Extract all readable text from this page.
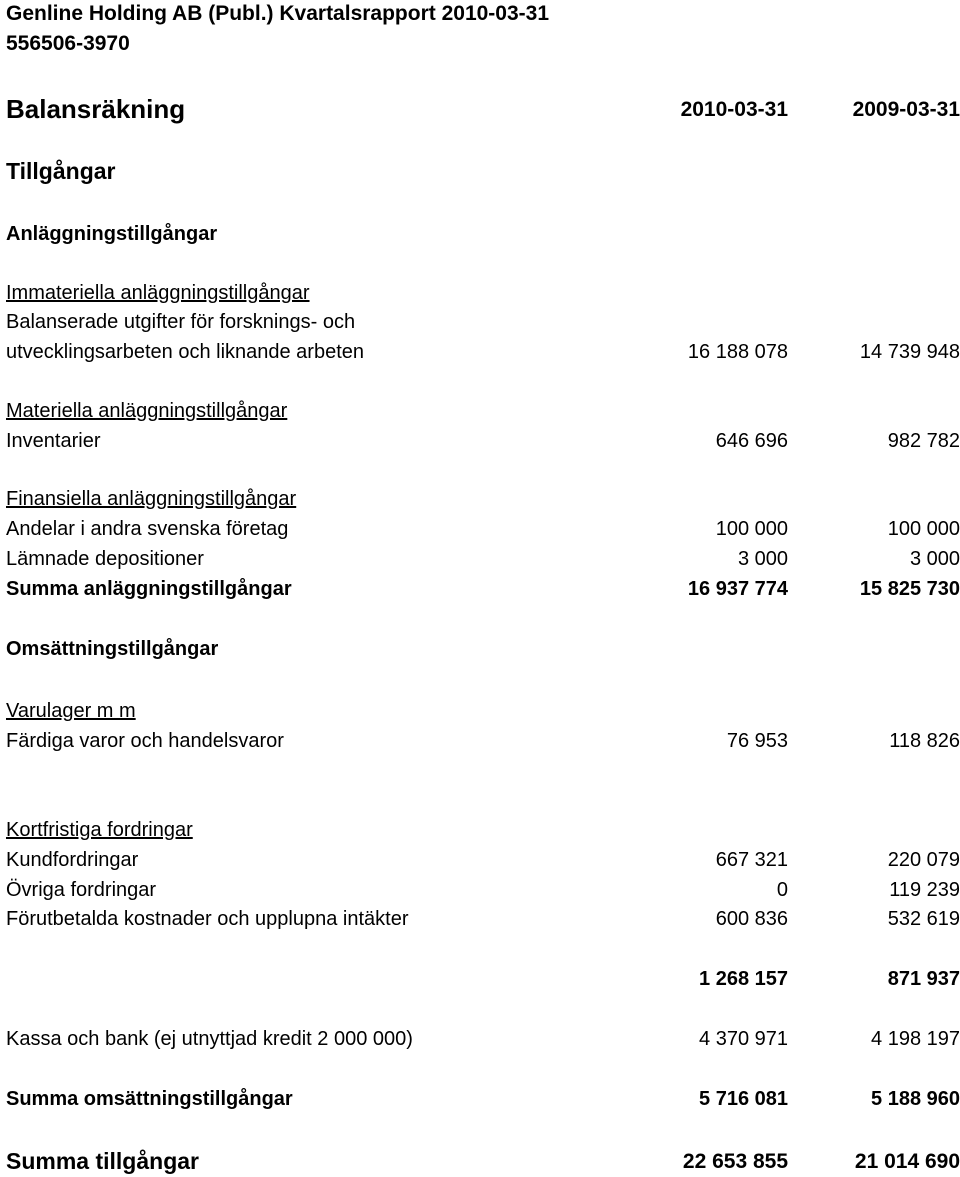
Genline Holding AB (Publ.) Kvartalsrapport 2010-03-31
556506-3970
Balansräkning	2010-03-31	2009-03-31
Tillgångar
Anläggningstillgångar
Immateriella anläggningstillgångar
Balanserade utgifter för forsknings- och
utvecklingsarbeten och liknande arbeten	16 188 078	14 739 948
Materiella anläggningstillgångar
Inventarier	646 696	982 782
Finansiella anläggningstillgångar
Andelar i andra svenska företag	100 000	100 000
Lämnade depositioner	3 000	3 000
Summa anläggningstillgångar	16 937 774	15 825 730
Omsättningstillgångar
Varulager m m
Färdiga varor och handelsvaror	76 953	118 826
Kortfristiga fordringar
Kundfordringar	667 321	220 079
Övriga fordringar	0	119 239
Förutbetalda kostnader och upplupna intäkter	600 836	532 619
1 268 157	871 937
Kassa och bank (ej utnyttjad kredit 2 000 000)	4 370 971	4 198 197
Summa omsättningstillgångar	5 716 081	5 188 960
Summa tillgångar	22 653 855	21 014 690
